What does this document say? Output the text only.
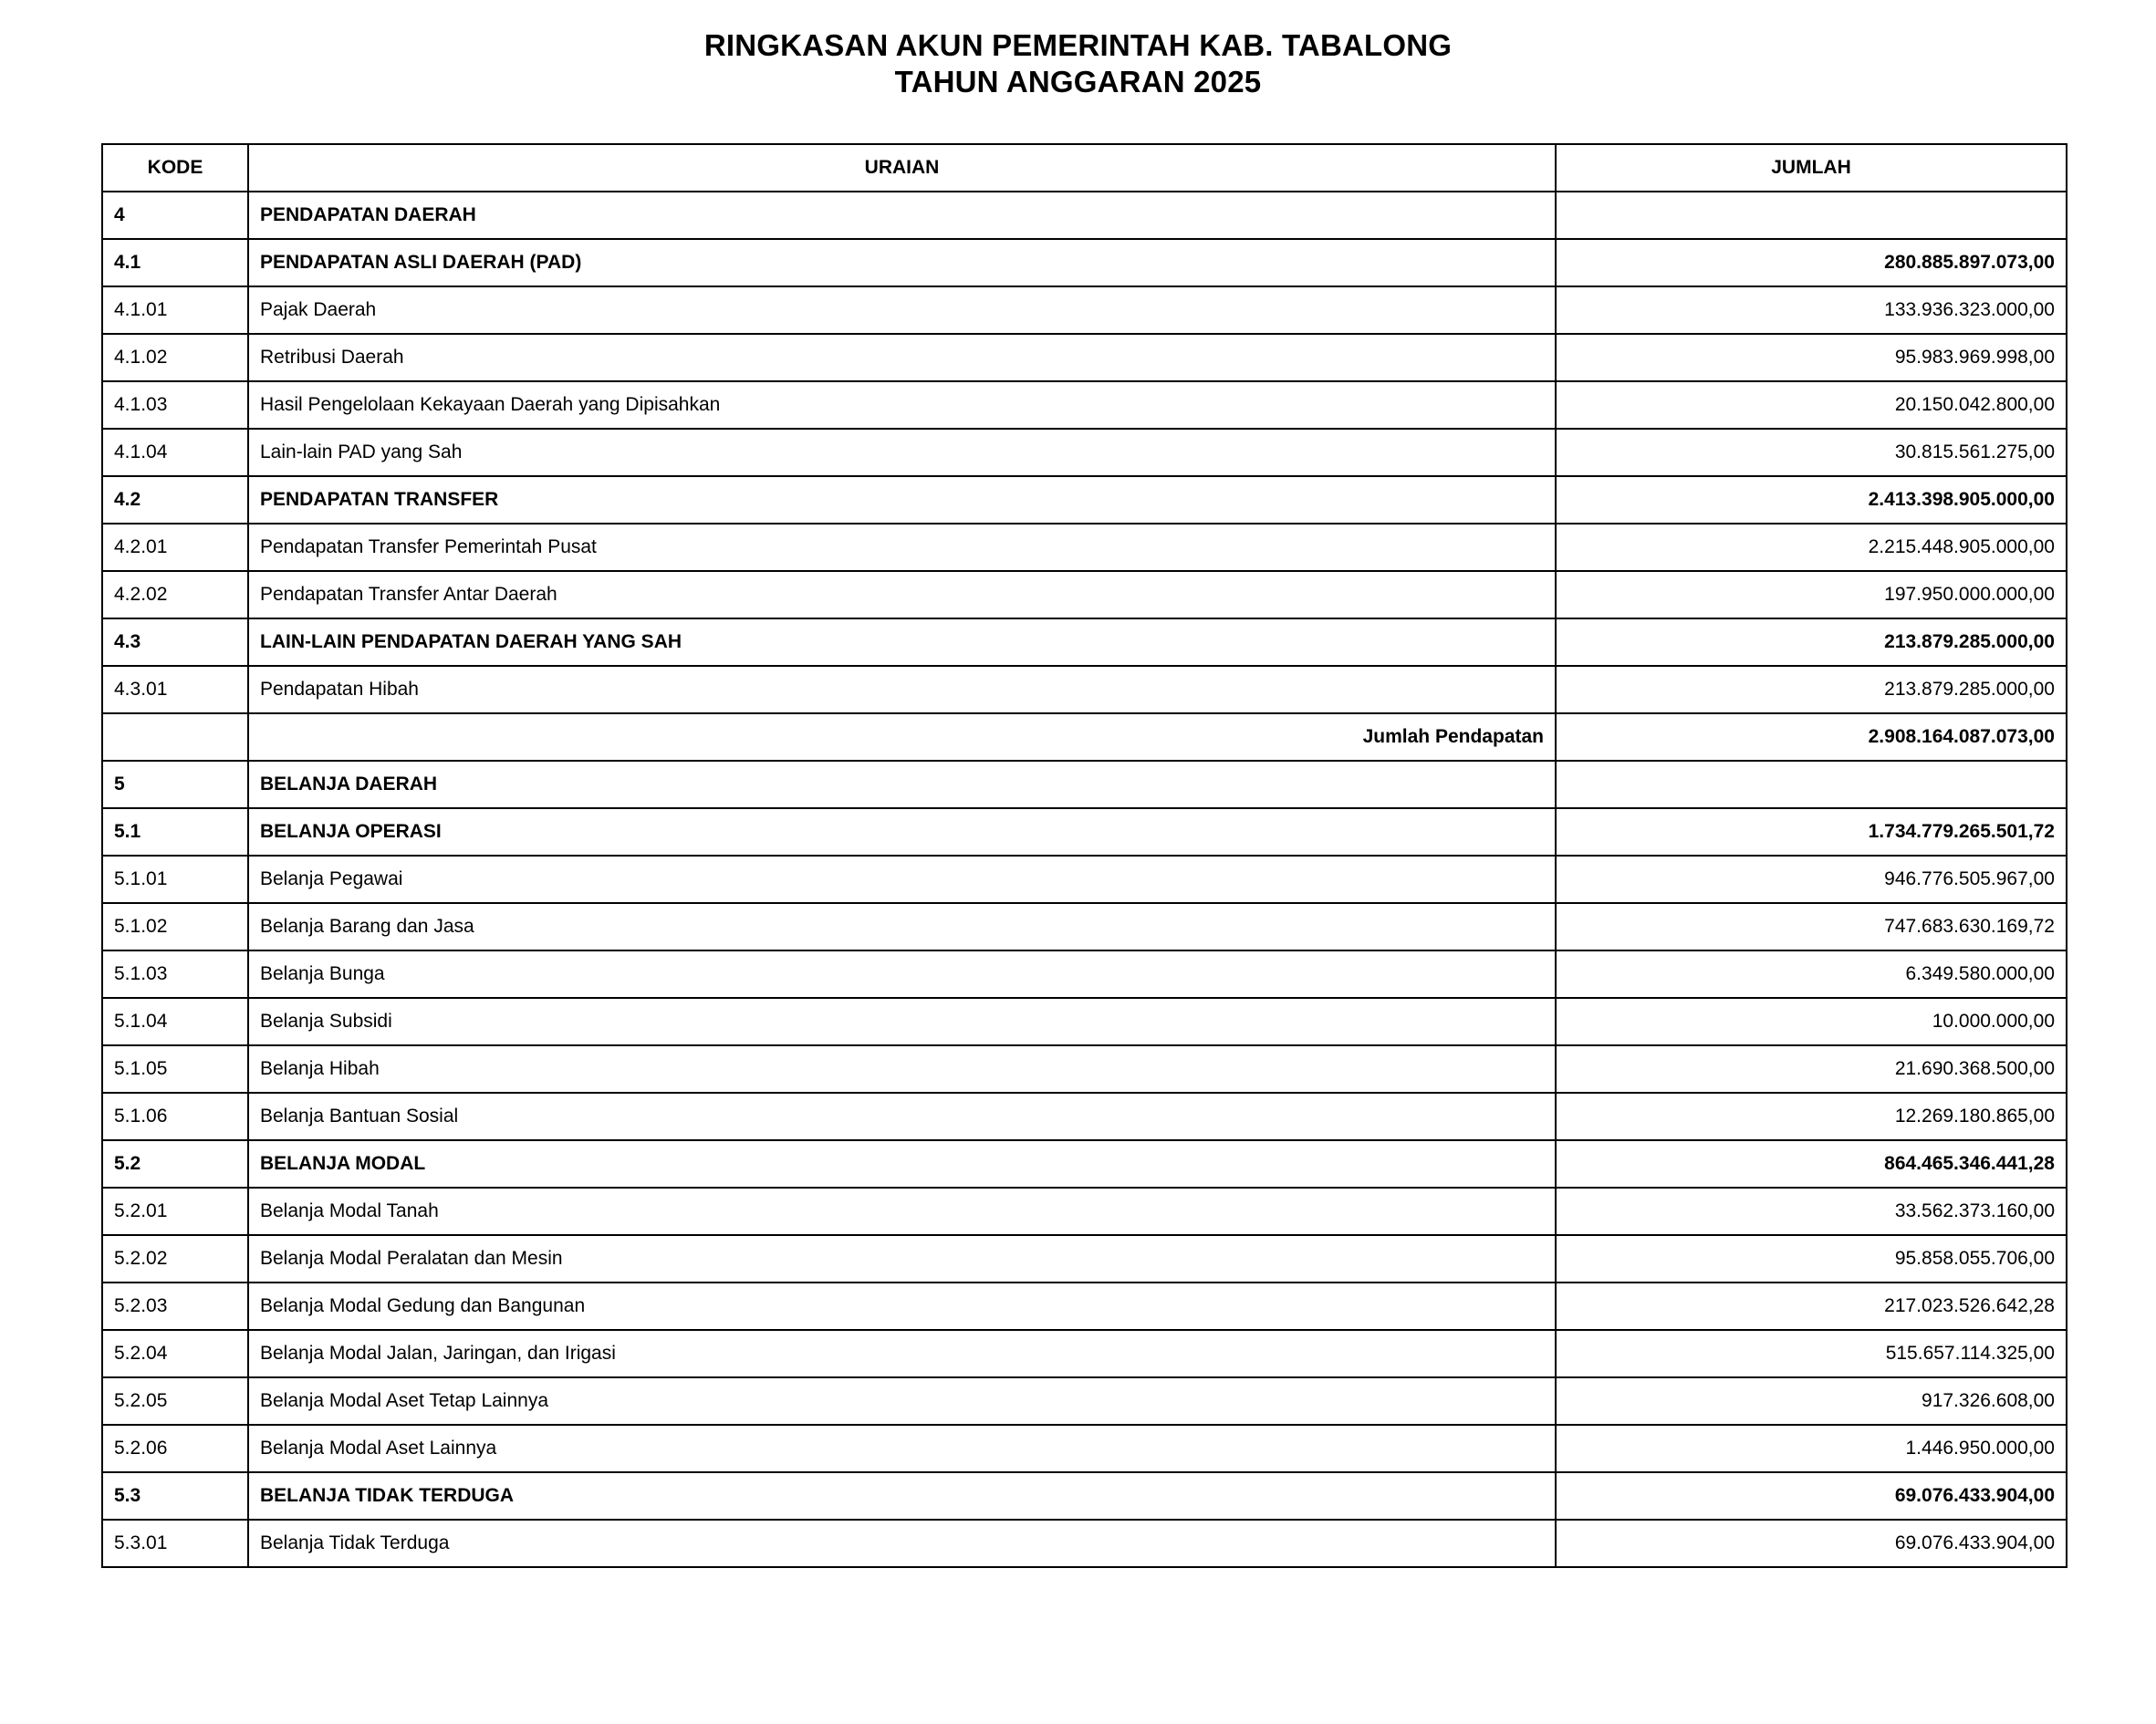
RINGKASAN AKUN PEMERINTAH KAB. TABALONG
TAHUN ANGGARAN 2025
KODE	URAIAN	JUMLAH
4	PENDAPATAN DAERAH	
4.1	PENDAPATAN ASLI DAERAH (PAD)	280.885.897.073,00
4.1.01	Pajak Daerah	133.936.323.000,00
4.1.02	Retribusi Daerah	95.983.969.998,00
4.1.03	Hasil Pengelolaan Kekayaan Daerah yang Dipisahkan	20.150.042.800,00
4.1.04	Lain-lain PAD yang Sah	30.815.561.275,00
4.2	PENDAPATAN TRANSFER	2.413.398.905.000,00
4.2.01	Pendapatan Transfer Pemerintah Pusat	2.215.448.905.000,00
4.2.02	Pendapatan Transfer Antar Daerah	197.950.000.000,00
4.3	LAIN-LAIN PENDAPATAN DAERAH YANG SAH	213.879.285.000,00
4.3.01	Pendapatan Hibah	213.879.285.000,00
	Jumlah Pendapatan	2.908.164.087.073,00
5	BELANJA DAERAH	
5.1	BELANJA OPERASI	1.734.779.265.501,72
5.1.01	Belanja Pegawai	946.776.505.967,00
5.1.02	Belanja Barang dan Jasa	747.683.630.169,72
5.1.03	Belanja Bunga	6.349.580.000,00
5.1.04	Belanja Subsidi	10.000.000,00
5.1.05	Belanja Hibah	21.690.368.500,00
5.1.06	Belanja Bantuan Sosial	12.269.180.865,00
5.2	BELANJA MODAL	864.465.346.441,28
5.2.01	Belanja Modal Tanah	33.562.373.160,00
5.2.02	Belanja Modal Peralatan dan Mesin	95.858.055.706,00
5.2.03	Belanja Modal Gedung dan Bangunan	217.023.526.642,28
5.2.04	Belanja Modal Jalan, Jaringan, dan Irigasi	515.657.114.325,00
5.2.05	Belanja Modal Aset Tetap Lainnya	917.326.608,00
5.2.06	Belanja Modal Aset Lainnya	1.446.950.000,00
5.3	BELANJA TIDAK TERDUGA	69.076.433.904,00
5.3.01	Belanja Tidak Terduga	69.076.433.904,00
